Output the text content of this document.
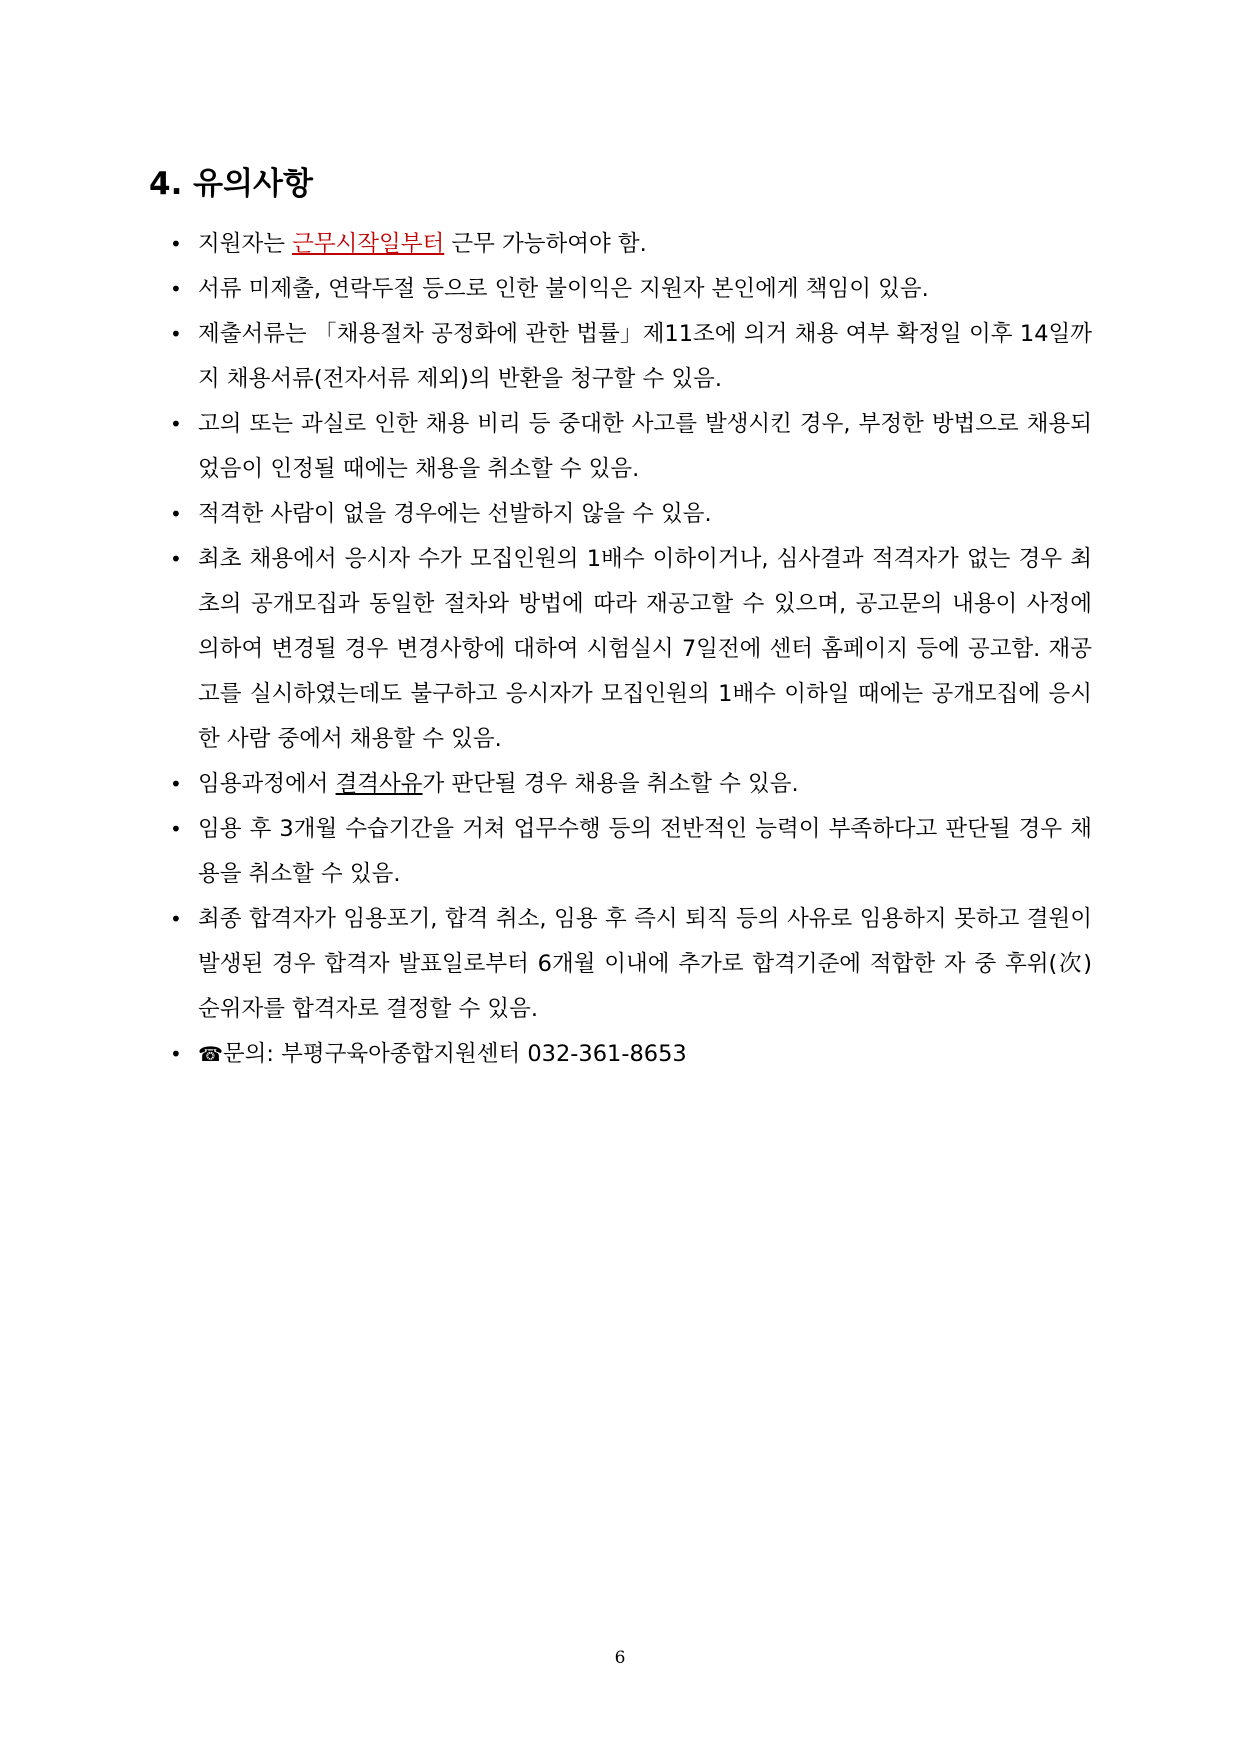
4. 유의사항
• 지원자는 근무시작일부터 근무 가능하여야 함.
• 서류 미제출, 연락두절 등으로 인한 불이익은 지원자 본인에게 책임이 있음.
• 제출서류는 「채용절차 공정화에 관한 법률」제11조에 의거 채용 여부 확정일 이후 14일까지 채용서류(전자서류 제외)의 반환을 청구할 수 있음.
• 고의 또는 과실로 인한 채용 비리 등 중대한 사고를 발생시킨 경우, 부정한 방법으로 채용되었음이 인정될 때에는 채용을 취소할 수 있음.
• 적격한 사람이 없을 경우에는 선발하지 않을 수 있음.
• 최초 채용에서 응시자 수가 모집인원의 1배수 이하이거나, 심사결과 적격자가 없는 경우 최초의 공개모집과 동일한 절차와 방법에 따라 재공고할 수 있으며, 공고문의 내용이 사정에 의하여 변경될 경우 변경사항에 대하여 시험실시 7일전에 센터 홈페이지 등에 공고함. 재공고를 실시하였는데도 불구하고 응시자가 모집인원의 1배수 이하일 때에는 공개모집에 응시한 사람 중에서 채용할 수 있음.
• 임용과정에서 결격사유가 판단될 경우 채용을 취소할 수 있음.
• 임용 후 3개월 수습기간을 거쳐 업무수행 등의 전반적인 능력이 부족하다고 판단될 경우 채용을 취소할 수 있음.
• 최종 합격자가 임용포기, 합격 취소, 임용 후 즉시 퇴직 등의 사유로 임용하지 못하고 결원이 발생된 경우 합격자 발표일로부터 6개월 이내에 추가로 합격기준에 적합한 자 중 후위(次) 순위자를 합격자로 결정할 수 있음.
• ☎문의: 부평구육아종합지원센터 032-361-8653
6
